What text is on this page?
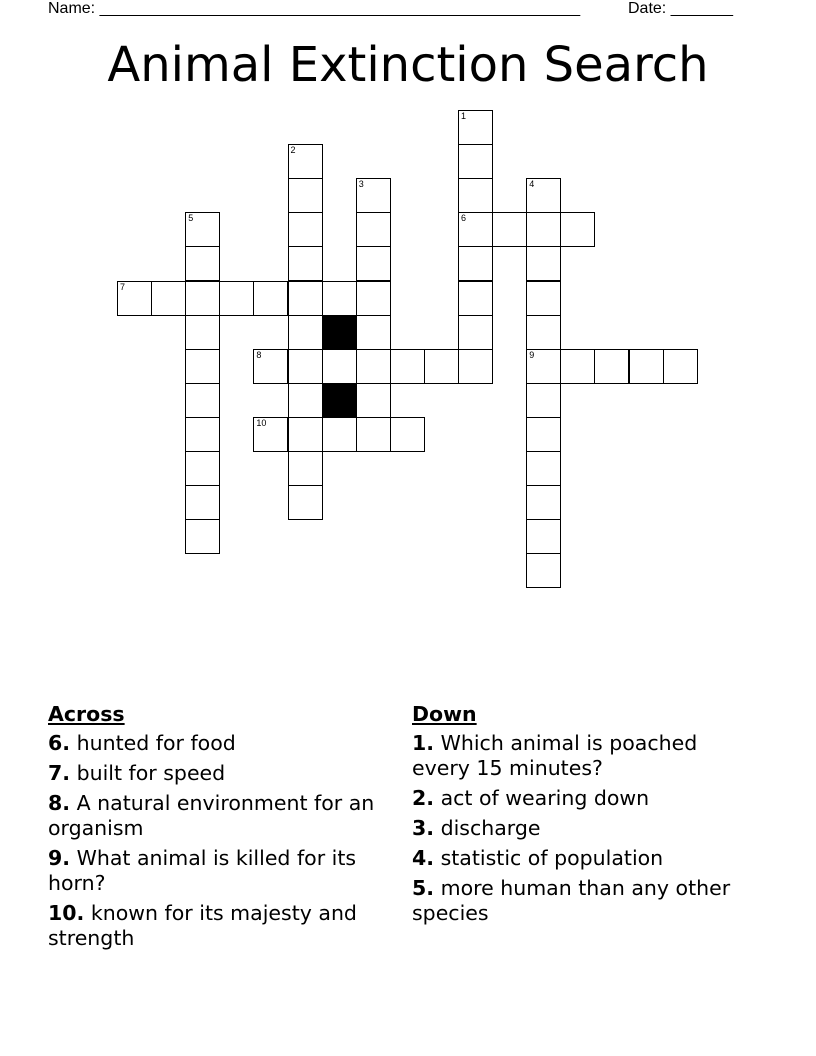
Name: ______________________________________________________	Date: _______
Animal Extinction Search
1
6
2
3	4
9
5
7
8
10
Across
6. hunted for food
7. built for speed
8. A natural environment for an organism
9. What animal is killed for its horn?
10. known for its majesty and strength
Down
1. Which animal is poached every 15 minutes?
2. act of wearing down
3. discharge
4. statistic of population
5. more human than any other species
